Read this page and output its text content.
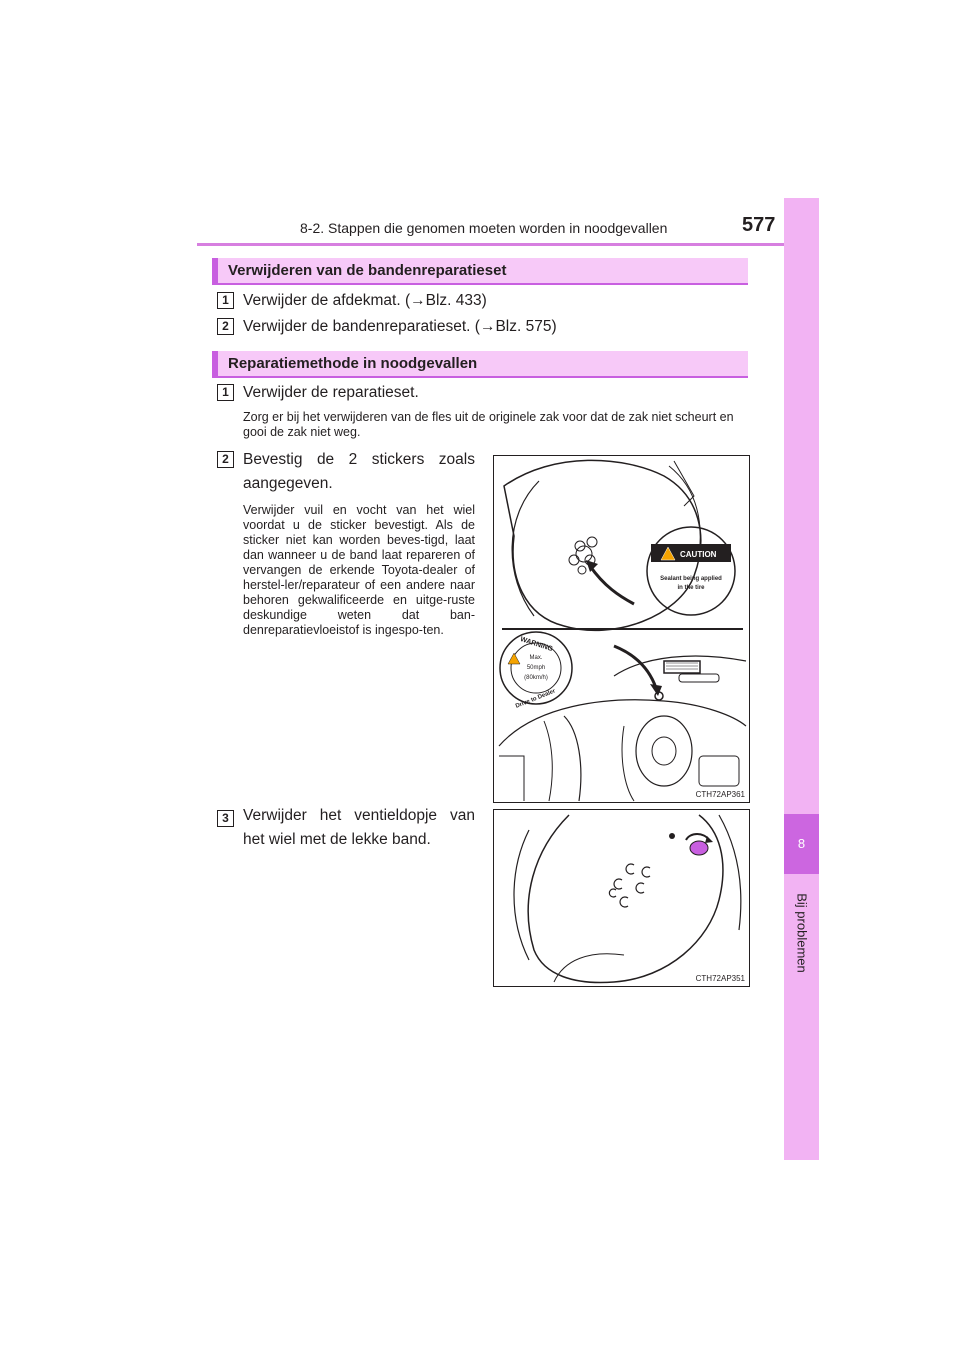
8-2. Stappen die genomen moeten worden in noodgevallen	577
8
Bij problemen
Verwijderen van de bandenreparatieset
1 Verwijder de afdekmat. (→Blz. 433)
2 Verwijder de bandenreparatieset. (→Blz. 575)
Reparatiemethode in noodgevallen
1 Verwijder de reparatieset.
Zorg er bij het verwijderen van de fles uit de originele zak voor dat de zak niet scheurt en gooi de zak niet weg.
2 Bevestig de 2 stickers zoals
aangegeven.
Verwijder vuil en vocht van het wiel voordat u de sticker bevestigt. Als de sticker niet kan worden beves-tigd, laat dan wanneer u de band laat repareren of vervangen de erkende Toyota-dealer of herstel-ler/reparateur of een andere naar behoren gekwalificeerde en uitge-ruste deskundige weten dat ban-denreparatievloeistof is ingespo-ten.
3 Verwijder het ventieldopje van
het wiel met de lekke band.
CAUTION
Sealant being applied
in the tire
WARNING
Max.
50mph
(80km/h)
Drive to Dealer
CTH72AP361
CTH72AP351
